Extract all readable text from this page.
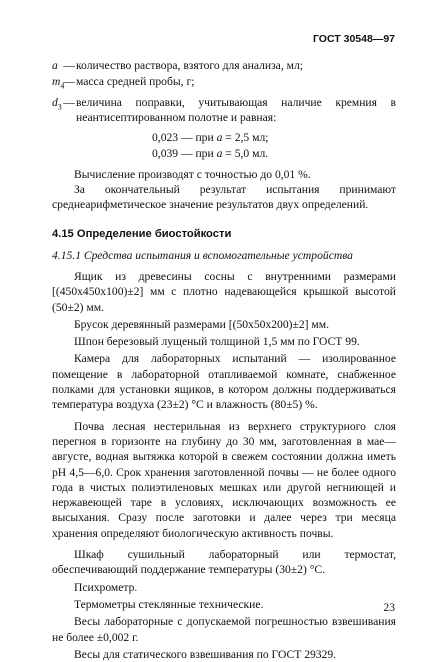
ГОСТ 30548—97
a — количество раствора, взятого для анализа, мл;
$m_4$
— масса средней пробы, г;
$d_3$ — величина поправки, учитывающая наличие кремния в неантисептированном полотне и равная:
0,023 — при a = 2,5 мл;
0,039 — при a = 5,0 мл.

Вычисление производят с точностью до 0,01 %.

За окончательный результат испытания принимают среднеарифметическое значение результатов двух определений.

4.15 Определение биостойкости

4.15.1 Средства испытания и вспомогательные устройства

Ящик из древесины сосны с внутренними размерами [(450x450x100)±2] мм с плотно надевающейся крышкой высотой (50±2) мм.

Брусок деревянный размерами [(50x50x200)±2] мм.

Шпон березовый лущеный толщиной 1,5 мм по ГОСТ 99.

Камера для лабораторных испытаний — изолированное помещение в лабораторной отапливаемой комнате, снабженное полками для установки ящиков, в котором должны поддерживаться температура воздуха (23±2) °С и влажность (80±5) %.

Почва лесная нестерильная из верхнего структурного слоя перегноя в горизонте на глубину до 30 мм, заготовленная в мае—августе, водная вытяжка которой в свежем состоянии должна иметь рН 4,5—6,0. Срок хранения заготовленной почвы — не более одного года в чистых полиэтиленовых мешках или другой негниющей и нержавеющей таре в условиях, исключающих возможность ее высыхания. Сразу после заготовки и далее через три месяца хранения определяют биологическую активность почвы.

Шкаф сушильный лабораторный или термостат, обеспечивающий поддержание температуры (30±2) °С.

Психрометр.

Термометры стеклянные технические.

Весы лабораторные с допускаемой погрешностью взвешивания не более ±0,002 г.

Весы для статического взвешивания по ГОСТ 29329.

23
